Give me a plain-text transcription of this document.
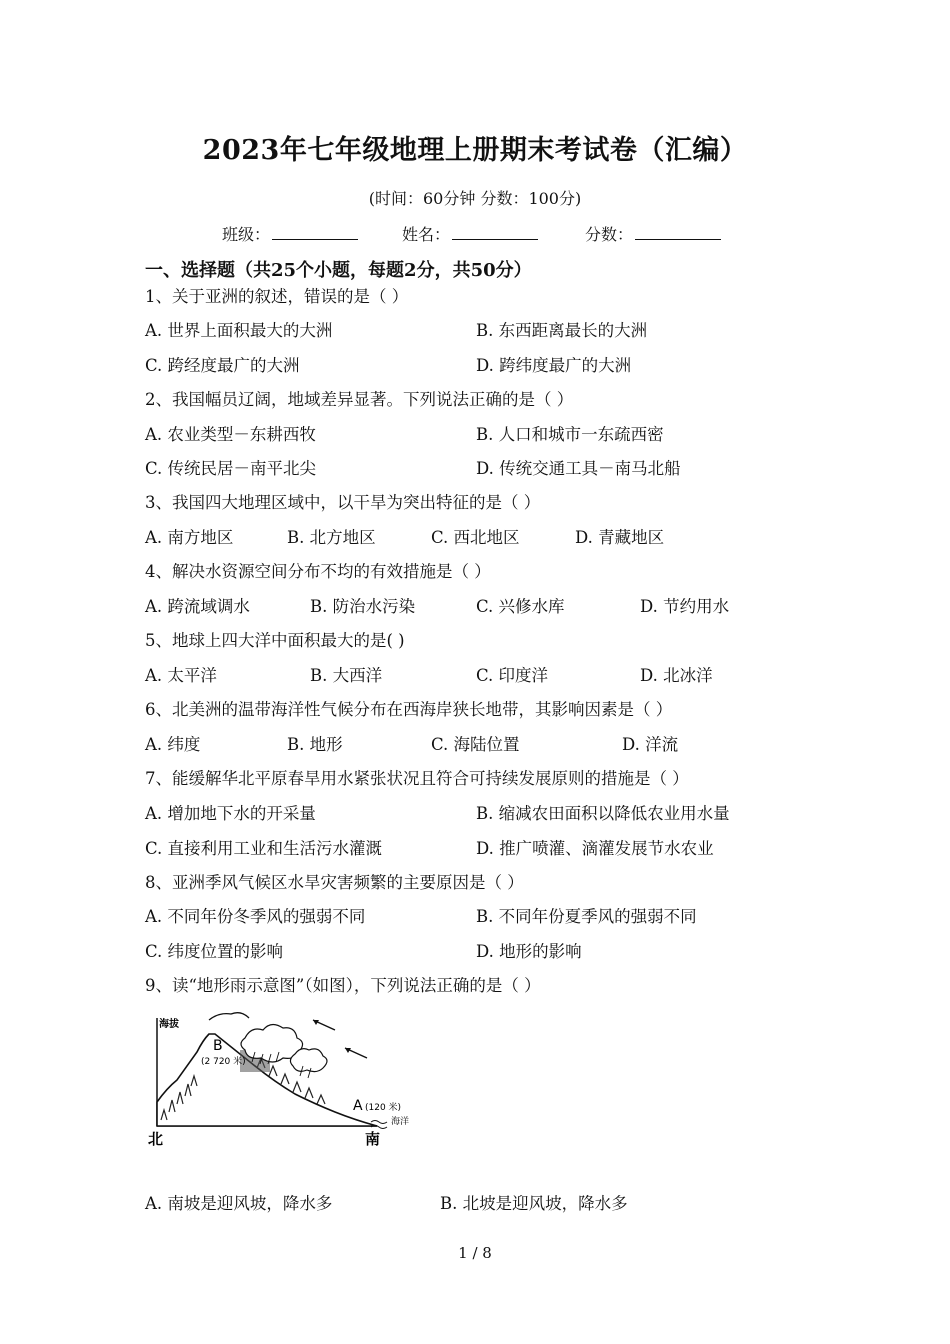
2023年七年级地理上册期末考试卷（汇编）
(时间：60分钟 分数：100分)
班级：	姓名：	分数：
一、选择题（共25个小题，每题2分，共50分）
1、关于亚洲的叙述，错误的是（ ）
A. 世界上面积最大的大洲	B. 东西距离最长的大洲
C. 跨经度最广的大洲	D. 跨纬度最广的大洲
2、我国幅员辽阔，地域差异显著。下列说法正确的是（ ）
A. 农业类型－东耕西牧	B. 人口和城市一东疏西密
C. 传统民居－南平北尖	D. 传统交通工具－南马北船
3、我国四大地理区域中，以干旱为突出特征的是（ ）
A. 南方地区	B. 北方地区	C. 西北地区	D. 青藏地区
4、解决水资源空间分布不均的有效措施是（ ）
A. 跨流域调水	B. 防治水污染	C. 兴修水库	D. 节约用水
5、地球上四大洋中面积最大的是( )
A. 太平洋	B. 大西洋	C. 印度洋	D. 北冰洋
6、北美洲的温带海洋性气候分布在西海岸狭长地带，其影响因素是（ ）
A. 纬度	B. 地形	C. 海陆位置	D. 洋流
7、能缓解华北平原春旱用水紧张状况且符合可持续发展原则的措施是（ ）
A. 增加地下水的开采量	B. 缩减农田面积以降低农业用水量
C. 直接利用工业和生活污水灌溉	D. 推广喷灌、滴灌发展节水农业
8、亚洲季风气候区水旱灾害频繁的主要原因是（ ）
A. 不同年份冬季风的强弱不同	B. 不同年份夏季风的强弱不同
C. 纬度位置的影响	D. 地形的影响
9、读“地形雨示意图”（如图），下列说法正确的是（ ）
海拔
B
(2 720 米)
A (120 米)
海洋
北	南
A. 南坡是迎风坡，降水多	B. 北坡是迎风坡，降水多
1 / 8
